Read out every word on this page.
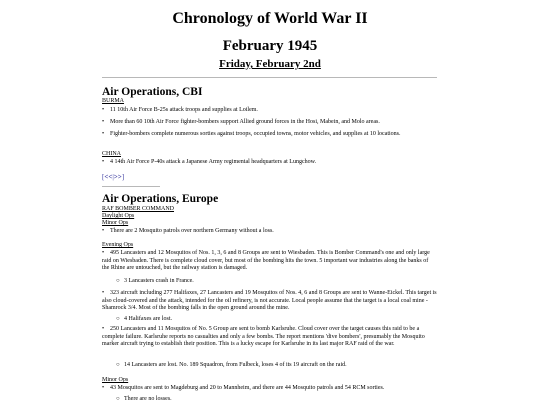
Chronology of World War II
February 1945
Friday, February 2nd
Air Operations, CBI
BURMA

• 11 10th Air Force B-25s attack troops and supplies at Loilem.

• More than 60 10th Air Force fighter-bombers support Allied ground forces in the Hosi, Mabein, and Molo areas.

• Fighter-bombers complete numerous sorties against troops, occupied towns, motor vehicles, and supplies at 10 locations.

CHINA

• 4 14th Air Force P-40s attack a Japanese Army regimental headquarters at Lungchow.

[<<|>>]
Air Operations, Europe
RAF BOMBER COMMAND
Daylight Ops
Minor Ops

• There are 2 Mosquito patrols over northern Germany without a loss.

Evening Ops

• 495 Lancasters and 12 Mosquitos of Nos. 1, 3, 6 and 8 Groups are sent to Wiesbaden. This is Bomber Command's one and only large raid on Wiesbaden. There is complete cloud cover, but most of the bombing hits the town. 5 important war industries along the banks of the Rhine are untouched, but the railway station is damaged.

○ 3 Lancasters crash in France.

• 323 aircraft including 277 Halifaxes, 27 Lancasters and 19 Mosquitos of Nos. 4, 6 and 8 Groups are sent to Wanne-Eickel. This target is also cloud-covered and the attack, intended for the oil refinery, is not accurate. Local people assume that the target is a local coal mine - Shamrock 3/4. Most of the bombing falls in the open ground around the mine.

○ 4 Halifaxes are lost.

• 250 Lancasters and 11 Mosquitos of No. 5 Group are sent to bomb Karlsruhe. Cloud cover over the target causes this raid to be a complete failure. Karlsruhe reports no casualties and only a few bombs. The report mentions 'dive bombers', presumably the Mosquito marker aircraft trying to establish their position. This is a lucky escape for Karlsruhe in its last major RAF raid of the war.

○ 14 Lancasters are lost. No. 189 Squadron, from Fulbeck, loses 4 of its 19 aircraft on the raid.

Minor Ops

• 43 Mosquitos are sent to Magdeburg and 20 to Mannheim, and there are 44 Mosquito patrols and 54 RCM sorties.

○ There are no losses.
